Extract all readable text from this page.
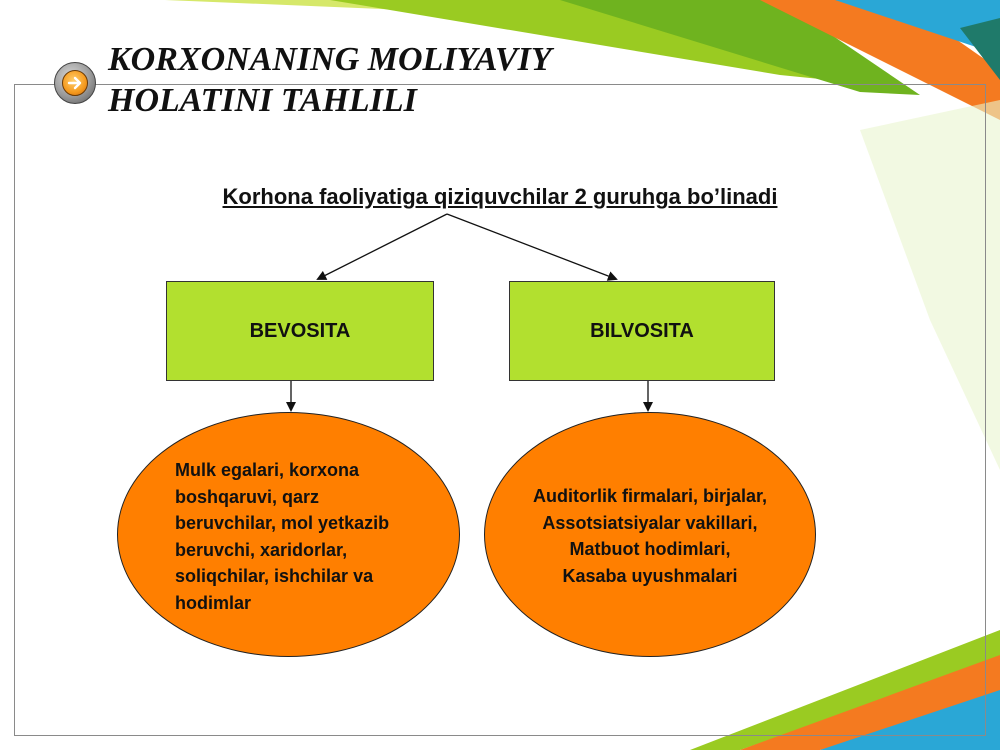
KORXONANING MOLIYAVIY
HOLATINI TAHLILI
Korhona faoliyatiga qiziquvchilar 2 guruhga bo’linadi
BEVOSITA	BILVOSITA
Mulk egalari, korxona
boshqaruvi, qarz
beruvchilar, mol yetkazib
beruvchi, xaridorlar,
soliqchilar, ishchilar va
hodimlar
Auditorlik firmalari, birjalar,
Assotsiatsiyalar vakillari,
Matbuot hodimlari,
Kasaba uyushmalari
